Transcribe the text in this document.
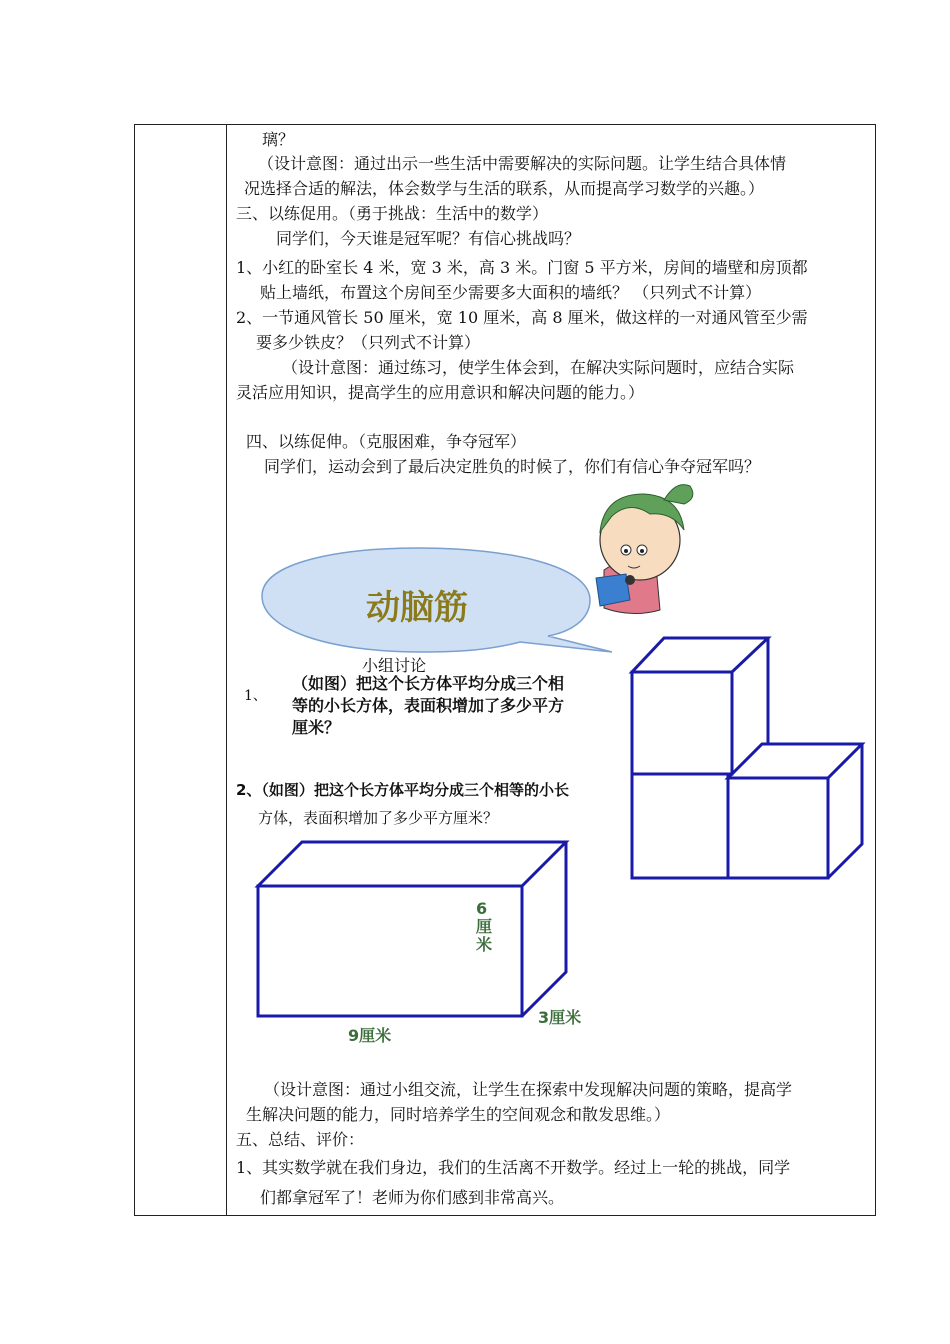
璃？
（设计意图：通过出示一些生活中需要解决的实际问题。让学生结合具体情
况选择合适的解法，体会数学与生活的联系，从而提高学习数学的兴趣。）
三、以练促用。（勇于挑战：生活中的数学）
同学们，今天谁是冠军呢？有信心挑战吗？
1、小红的卧室长 4 米，宽 3 米，高 3 米。门窗 5 平方米，房间的墙壁和房顶都
贴上墙纸，布置这个房间至少需要多大面积的墙纸？ （只列式不计算）
2、一节通风管长 50 厘米，宽 10 厘米，高 8 厘米，做这样的一对通风管至少需
要多少铁皮？（只列式不计算）
（设计意图：通过练习，使学生体会到，在解决实际问题时，应结合实际
灵活应用知识，提高学生的应用意识和解决问题的能力。）
四、以练促伸。（克服困难，争夺冠军）
同学们，运动会到了最后决定胜负的时候了，你们有信心争夺冠军吗？
动脑筋
小组讨论
1、
（如图）把这个长方体平均分成三个相
等的小长方体，表面积增加了多少平方
厘米？
2、（如图）把这个长方体平均分成三个相等的小长
方体，表面积增加了多少平方厘米？
6厘米
3厘米
9厘米
（设计意图：通过小组交流，让学生在探索中发现解决问题的策略，提高学
生解决问题的能力，同时培养学生的空间观念和散发思维。）
五、总结、评价：
1、其实数学就在我们身边，我们的生活离不开数学。经过上一轮的挑战，同学
们都拿冠军了！老师为你们感到非常高兴。
